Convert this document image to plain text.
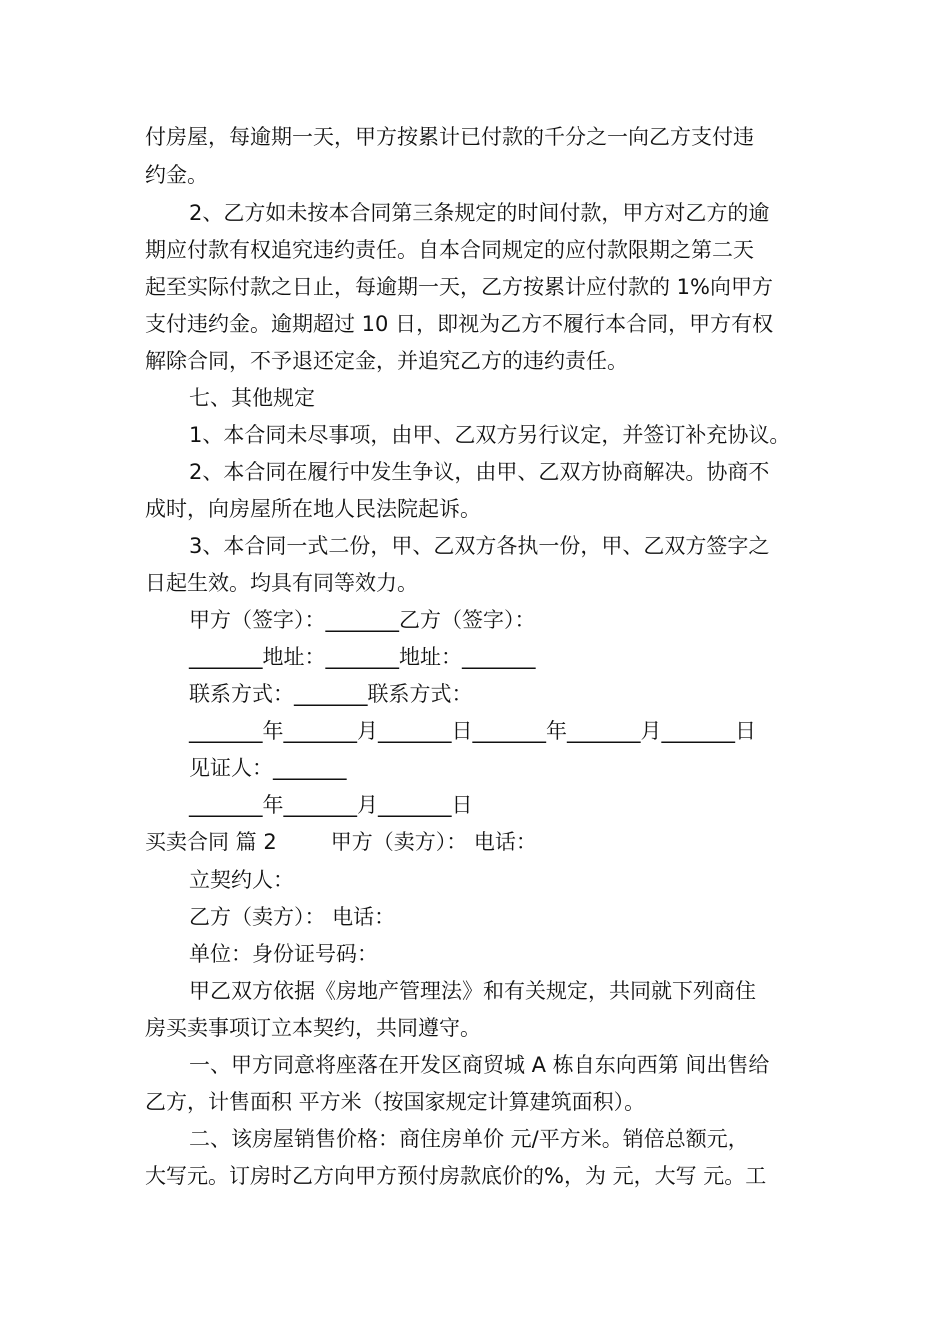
付房屋，每逾期一天，甲方按累计已付款的千分之一向乙方支付违
约金。
2、乙方如未按本合同第三条规定的时间付款，甲方对乙方的逾
期应付款有权追究违约责任。自本合同规定的应付款限期之第二天
起至实际付款之日止，每逾期一天，乙方按累计应付款的 1%向甲方
支付违约金。逾期超过 10 日，即视为乙方不履行本合同，甲方有权
解除合同，不予退还定金，并追究乙方的违约责任。
七、其他规定
1、本合同未尽事项，由甲、乙双方另行议定，并签订补充协议。
2、本合同在履行中发生争议，由甲、乙双方协商解决。协商不
成时，向房屋所在地人民法院起诉。
3、本合同一式二份，甲、乙双方各执一份，甲、乙双方签字之
日起生效。均具有同等效力。
甲方（签字）：_______乙方（签字）：
_______地址：_______地址：_______
联系方式：_______联系方式：
_______年_______月_______日_______年_______月_______日
见证人：_______
_______年_______月_______日
买卖合同 篇 2	甲方（卖方）： 电话：
立契约人：
乙方（卖方）： 电话：
单位：身份证号码：
甲乙双方依据《房地产管理法》和有关规定，共同就下列商住
房买卖事项订立本契约，共同遵守。
一、甲方同意将座落在开发区商贸城 A 栋自东向西第 间出售给
乙方，计售面积 平方米（按国家规定计算建筑面积）。
二、该房屋销售价格：商住房单价 元/平方米。销倍总额元，
大写元。订房时乙方向甲方预付房款底价的%，为 元，大写 元。工
